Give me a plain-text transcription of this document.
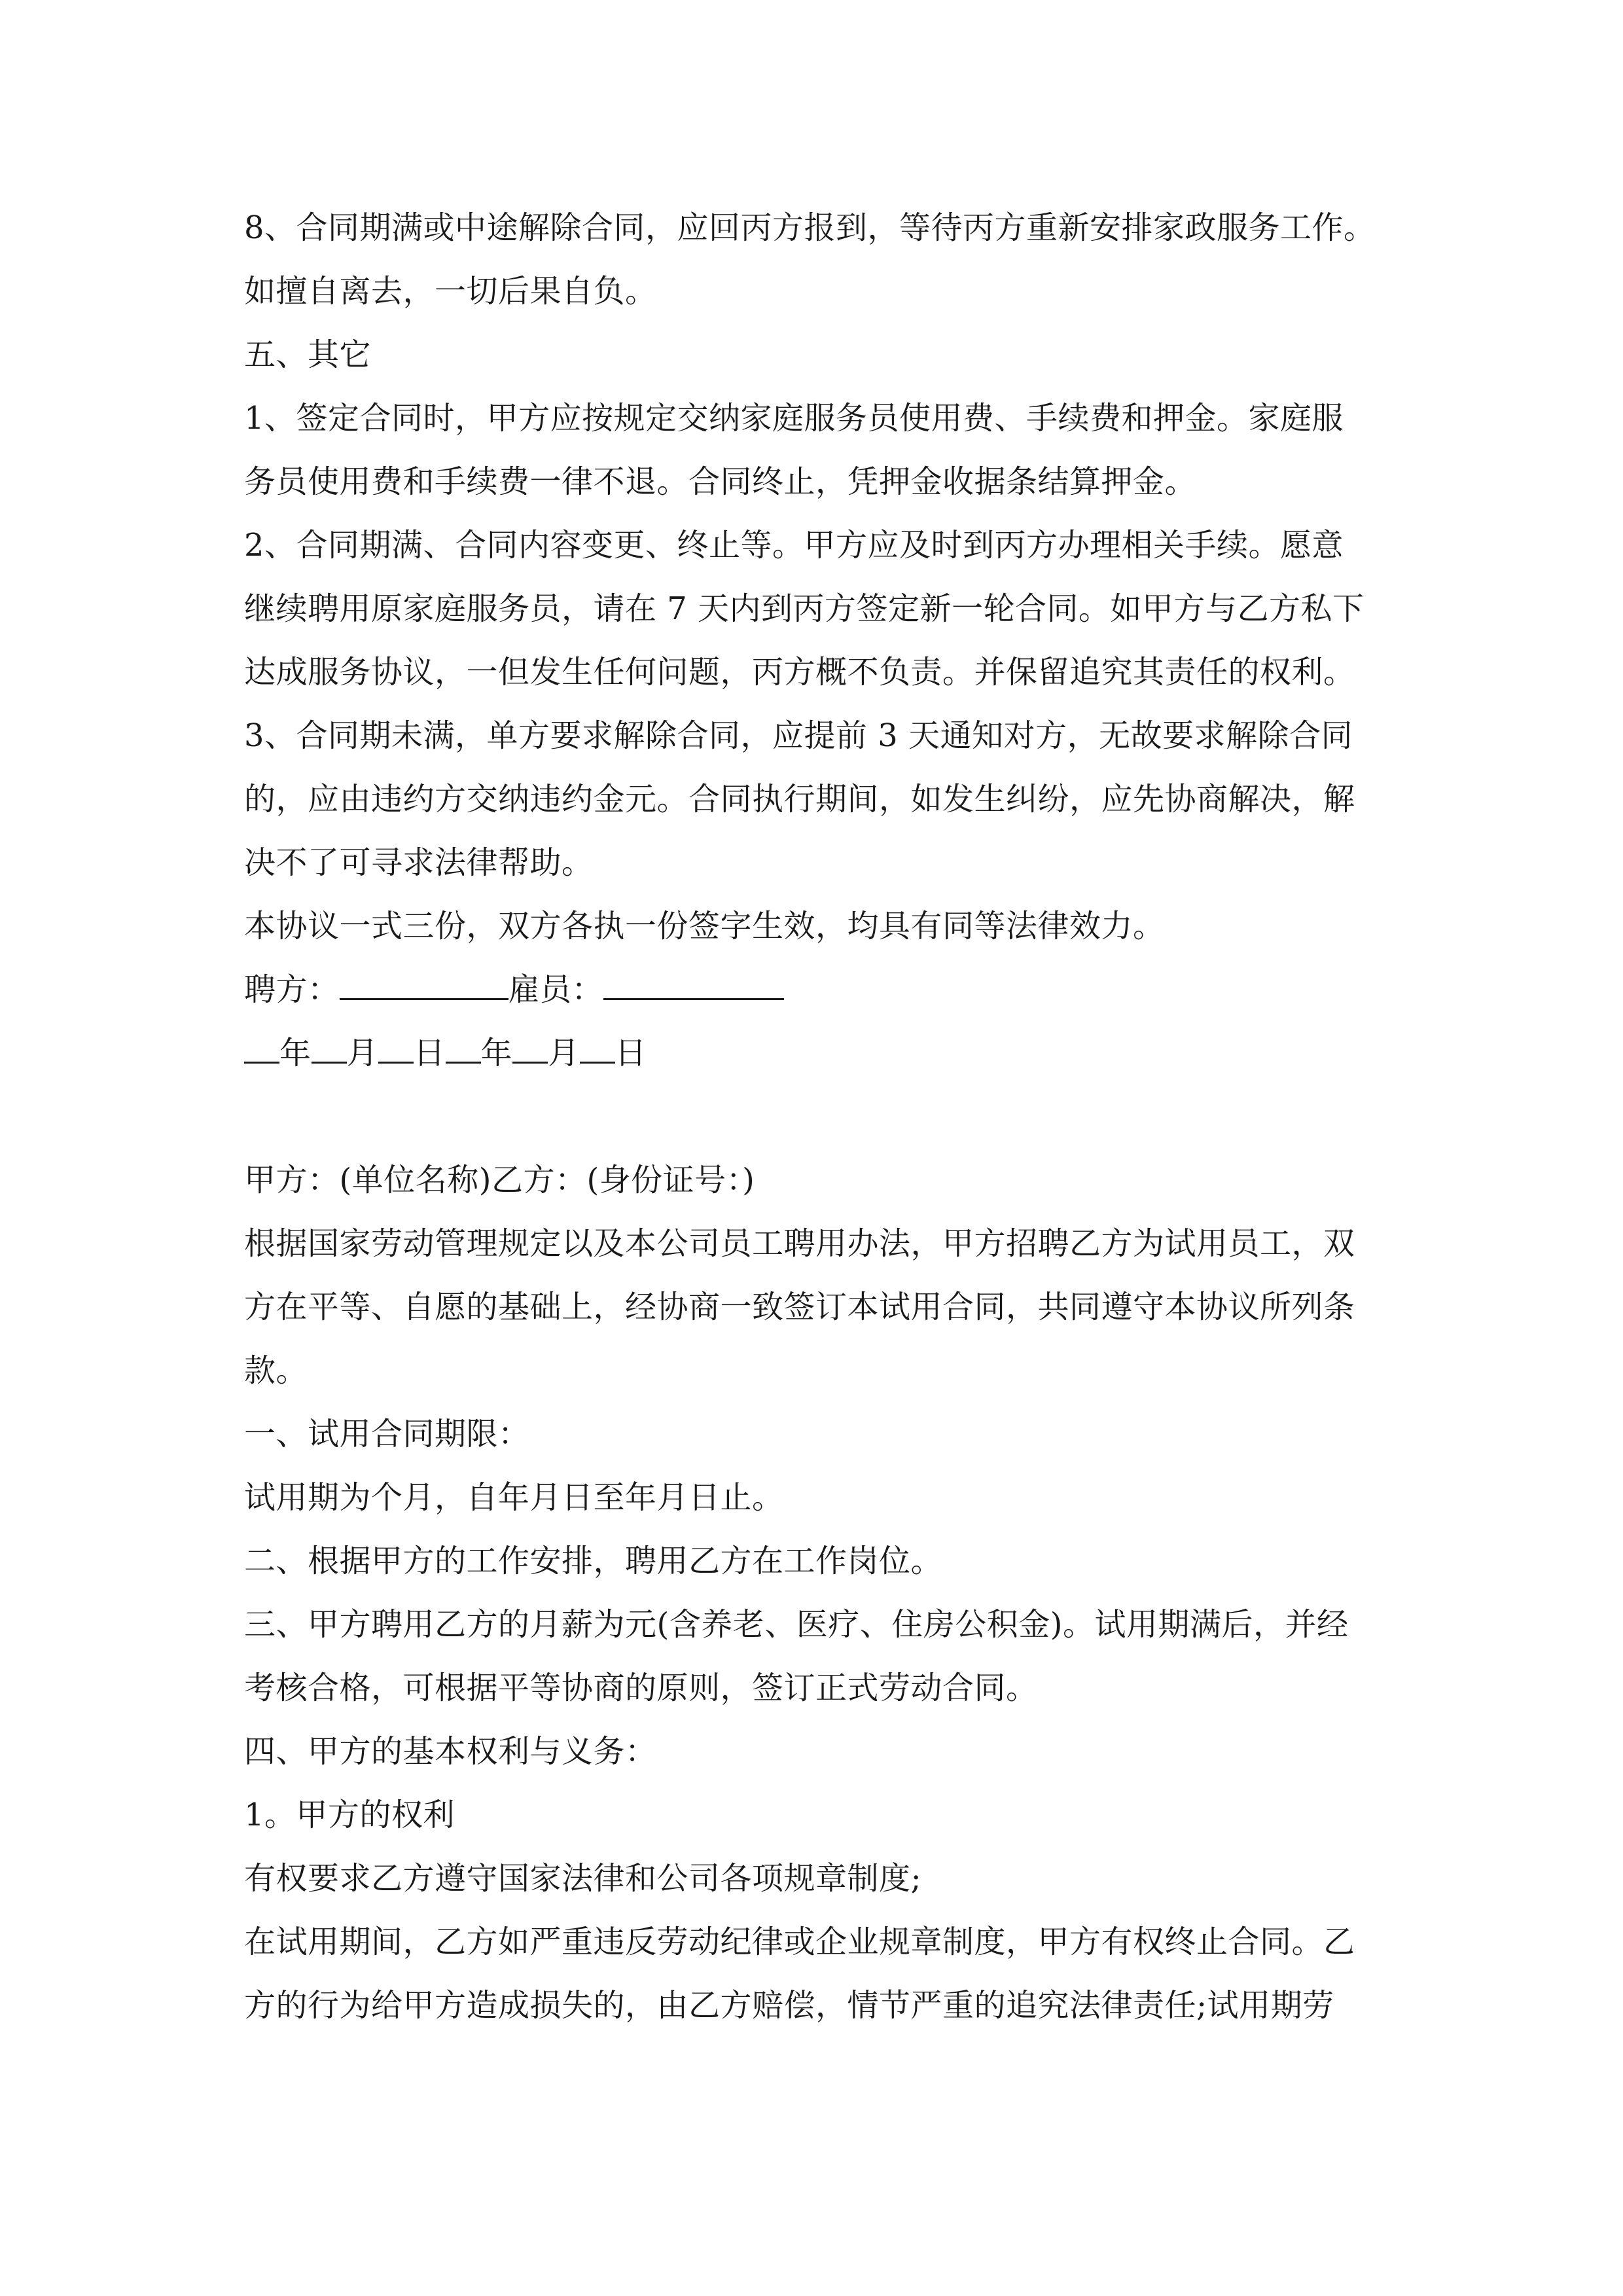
8、合同期满或中途解除合同，应回丙方报到，等待丙方重新安排家政服务工作。
如擅自离去，一切后果自负。
五、其它
1、签定合同时，甲方应按规定交纳家庭服务员使用费、手续费和押金。家庭服
务员使用费和手续费一律不退。合同终止，凭押金收据条结算押金。
2、合同期满、合同内容变更、终止等。甲方应及时到丙方办理相关手续。愿意
继续聘用原家庭服务员，请在 7 天内到丙方签定新一轮合同。如甲方与乙方私下
达成服务协议，一但发生任何问题，丙方概不负责。并保留追究其责任的权利。
3、合同期未满，单方要求解除合同，应提前 3 天通知对方，无故要求解除合同
的，应由违约方交纳违约金元。合同执行期间，如发生纠纷，应先协商解决，解
决不了可寻求法律帮助。
本协议一式三份，双方各执一份签字生效，均具有同等法律效力。
聘方：	雇员：
年 月 日 年 月 日
甲方：(单位名称)乙方：(身份证号：)
根据国家劳动管理规定以及本公司员工聘用办法，甲方招聘乙方为试用员工，双
方在平等、自愿的基础上，经协商一致签订本试用合同，共同遵守本协议所列条
款。
一、试用合同期限：
试用期为个月，自年月日至年月日止。
二、根据甲方的工作安排，聘用乙方在工作岗位。
三、甲方聘用乙方的月薪为元(含养老、医疗、住房公积金)。试用期满后，并经
考核合格，可根据平等协商的原则，签订正式劳动合同。
四、甲方的基本权利与义务：
1。甲方的权利
有权要求乙方遵守国家法律和公司各项规章制度;
在试用期间，乙方如严重违反劳动纪律或企业规章制度，甲方有权终止合同。乙
方的行为给甲方造成损失的，由乙方赔偿，情节严重的追究法律责任;试用期劳
